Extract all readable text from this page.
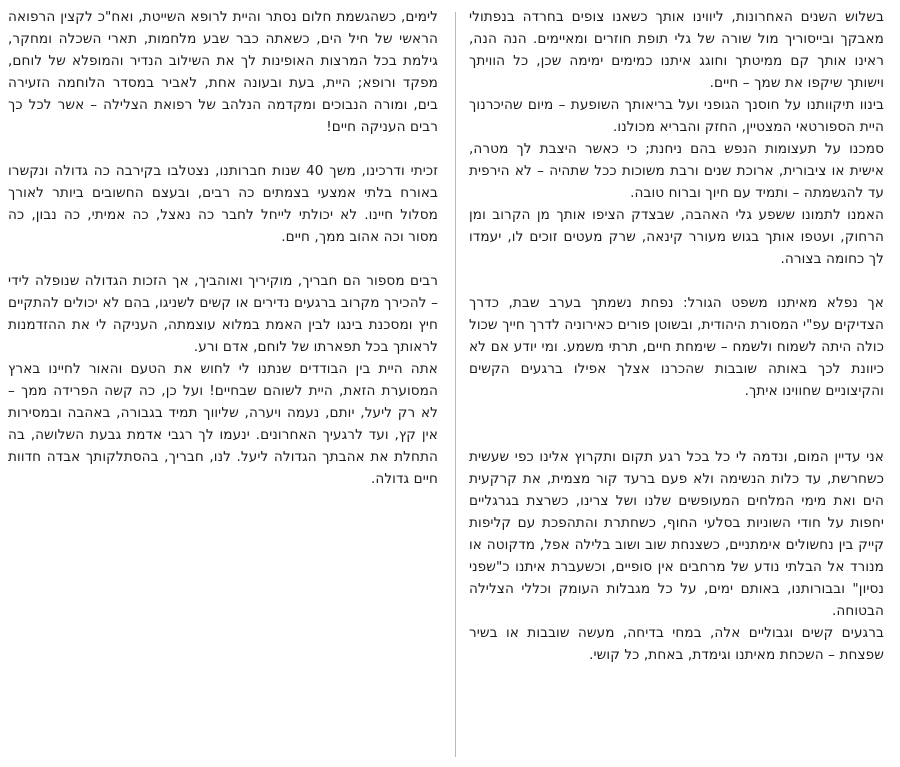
בשלוש השנים האחרונות, ליווינו אותך כשאנו צופים בחרדה בנפתולי מאבקך ובייסוריך מול שורה של גלי תופת חוזרים ומאיימים. הנה הנה, ראינו אותך קם ממיטתך וחוגג איתנו כמימים ימימה שכן, כל הוויתך וישותך שיקפו את שמך – חיים.

בינוו תיקוותנו על חוסנך הגופני ועל בריאותך השופעת – מיום שהיכרנוך היית הספורטאי המצטיין, החזק והבריא מכולנו.

סמכנו על תעצומות הנפש בהם ניחנת; כי כאשר היצבת לך מטרה, אישית או ציבורית, ארוכת שנים ורבת משוכות ככל שתהיה – לא הירפית עד להגשמתה – ותמיד עם חיוך וברוח טובה.

האמנו לתמונו ששפע גלי האהבה, שבצדק הציפו אותך מן הקרוב ומן הרחוק, ועטפו אותך בגוש מעורר קינאה, שרק מעטים זוכים לו, יעמדו לך כחומה בצורה.

אך נפלא מאיתנו משפט הגורל: נפחת נשמתך בערב שבת, כדרך הצדיקים עפ"י המסורת היהודית, ובשוטן פורים כאירוניה לדרך חייך שכול כולה היתה לשמוח ולשמח – שימחת חיים, תרתי משמע. ומי יודע אם לא כיוונת לכך באותה שובבות שהכרנו אצלך אפילו ברגעים הקשים והקיצוניים שחווינו איתך.

אני עדיין המום, ונדמה לי כל בכל רגע תקום ותקרוץ אלינו כפי שעשית כשחרשת, עד כלות הנשימה ולא פעם ברעד קור מצמית, את קרקעית הים ואת מימי המלחים המעופשים שלנו ושל צרינו, כשרצת בגרגליים יחפות על חודי השוניות בסלעי החוף, כשחתרת והתהפכת עם קליפות קייק בין נחשולים אימתניים, כשצנחת שוב ושוב בלילה אפל, מדקוטה או מנורד אל הבלתי נודע של מרחבים אין סופיים, וכשעברת איתנו כ"שפני נסיון" ובבורותנו, באותם ימים, על כל מגבלות העומק וכללי הצלילה הבטוחה.

ברגעים קשים וגבוליים אלה, במחי בדיחה, מעשה שובבות או בשיר שפצחת – השכחת מאיתנו וגימדת, באחת, כל קושי.

לימים, כשהגשמת חלום נסתר והיית לרופא השייטת, ואח"כ לקצין הרפואה הראשי של חיל הים, כשאתה כבר שבע מלחמות, תארי השכלה ומחקר, גילמת בכל המרצות האופינות לך את השילוב הנדיר והמופלא של לוחם, מפקד ורופא; היית, בעת ובעונה אחת, לאביר במסדר הלוחמה הזעירה בים, ומורה הנבוכים ומקדמה הנלהב של רפואת הצלילה – אשר לכל כך רבים העניקה חיים!

זכיתי ודרכינו, משך 40 שנות חברותנו, נצטלבו בקירבה כה גדולה ונקשרו באורח בלתי אמצעי בצמתים כה רבים, ובעצם החשובים ביותר לאורך מסלול חיינו. לא יכולתי לייחל לחבר כה נאצל, כה אמיתי, כה נבון, כה מסור וכה אהוב ממך, חיים.

רבים מספור הם חבריך, מוקיריך ואוהביך, אך הזכות הגדולה שנופלה לידי – להכירך מקרוב ברגעים נדירים או קשים לשניגו, בהם לא יכולים להתקיים חיץ ומסכנת בינגו לבין האמת במלוא עוצמתה, העניקה לי את ההזדמנות לראותך בכל תפארתו של לוחם, אדם ורע.

אתה היית בין הבודדים שנתנו לי לחוש את הטעם והאור לחיינו בארץ המסוערת הזאת, היית לשוהם שבחיים! ועל כן, כה קשה הפרידה ממך – לא רק ליעל, יותם, נעמה ויערה, שליווך תמיד בגבורה, באהבה ובמסירות אין קץ, ועד לרגעיך האחרונים. ינעמו לך רגבי אדמת גבעת השלושה, בה התחלת את אהבתך הגדולה ליעל. לנו, חבריך, בהסתלקותך אבדה חדוות חיים גדולה.
